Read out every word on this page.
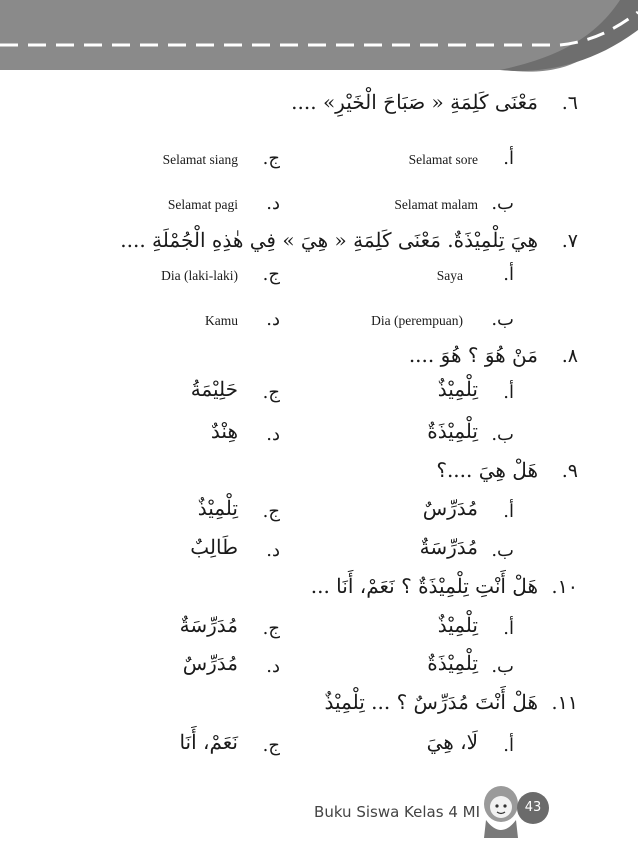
٦.
مَعْنَى كَلِمَةِ « صَبَاحَ الْخَيْرِ» ....
أ.
Selamat sore
ب.
Selamat malam
ج.
Selamat siang
د.
Selamat pagi
٧.
هِيَ تِلْمِيْذَةٌ. مَعْنَى كَلِمَةِ « هِيَ » فِي هٰذِهِ الْجُمْلَةِ ....
أ.
Saya
ب.
Dia (perempuan)
ج.
Dia (laki-laki)
د.
Kamu
٨.
مَنْ هُوَ ؟ هُوَ ....
أ.
تِلْمِيْذٌ
ب.
تِلْمِيْذَةٌ
ج.
حَلِيْمَةُ
د.
هِنْدٌ
٩.
هَلْ هِيَ ....؟
أ.
مُدَرِّسٌ
ب.
مُدَرِّسَةٌ
ج.
تِلْمِيْذٌ
د.
طَالِبٌ
١٠.
هَلْ أَنْتِ تِلْمِيْذَةٌ ؟ نَعَمْ، أَنَا ...
أ.
تِلْمِيْذٌ
ب.
تِلْمِيْذَةٌ
ج.
مُدَرِّسَةٌ
د.
مُدَرِّسٌ
١١.
هَلْ أَنْتَ مُدَرِّسٌ ؟ ... تِلْمِيْذٌ
أ.
لَا، هِيَ
ج.
نَعَمْ، أَنَا
Buku Siswa Kelas 4 MI	43
